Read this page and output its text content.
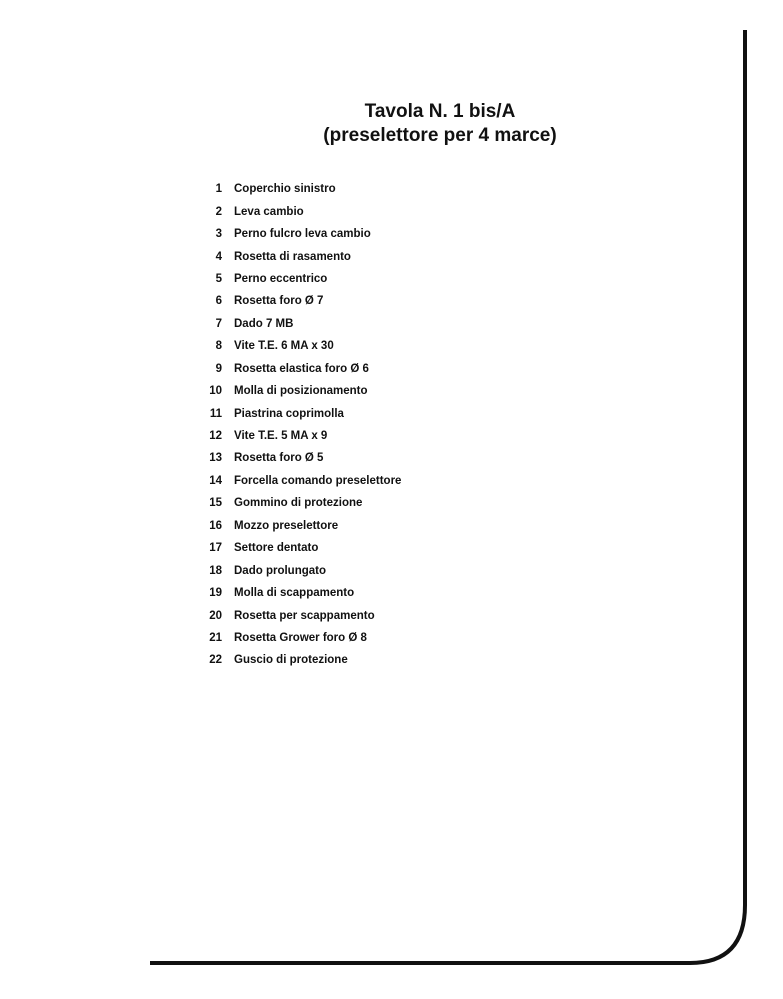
Tavola N. 1 bis/A
(preselettore per 4 marce)
1 Coperchio sinistro
2 Leva cambio
3 Perno fulcro leva cambio
4 Rosetta di rasamento
5 Perno eccentrico
6 Rosetta foro Ø 7
7 Dado 7 MB
8 Vite T.E. 6 MA x 30
9 Rosetta elastica foro Ø 6
10 Molla di posizionamento
11 Piastrina coprimolla
12 Vite T.E. 5 MA x 9
13 Rosetta foro Ø 5
14 Forcella comando preselettore
15 Gommino di protezione
16 Mozzo preselettore
17 Settore dentato
18 Dado prolungato
19 Molla di scappamento
20 Rosetta per scappamento
21 Rosetta Grower foro Ø 8
22 Guscio di protezione
